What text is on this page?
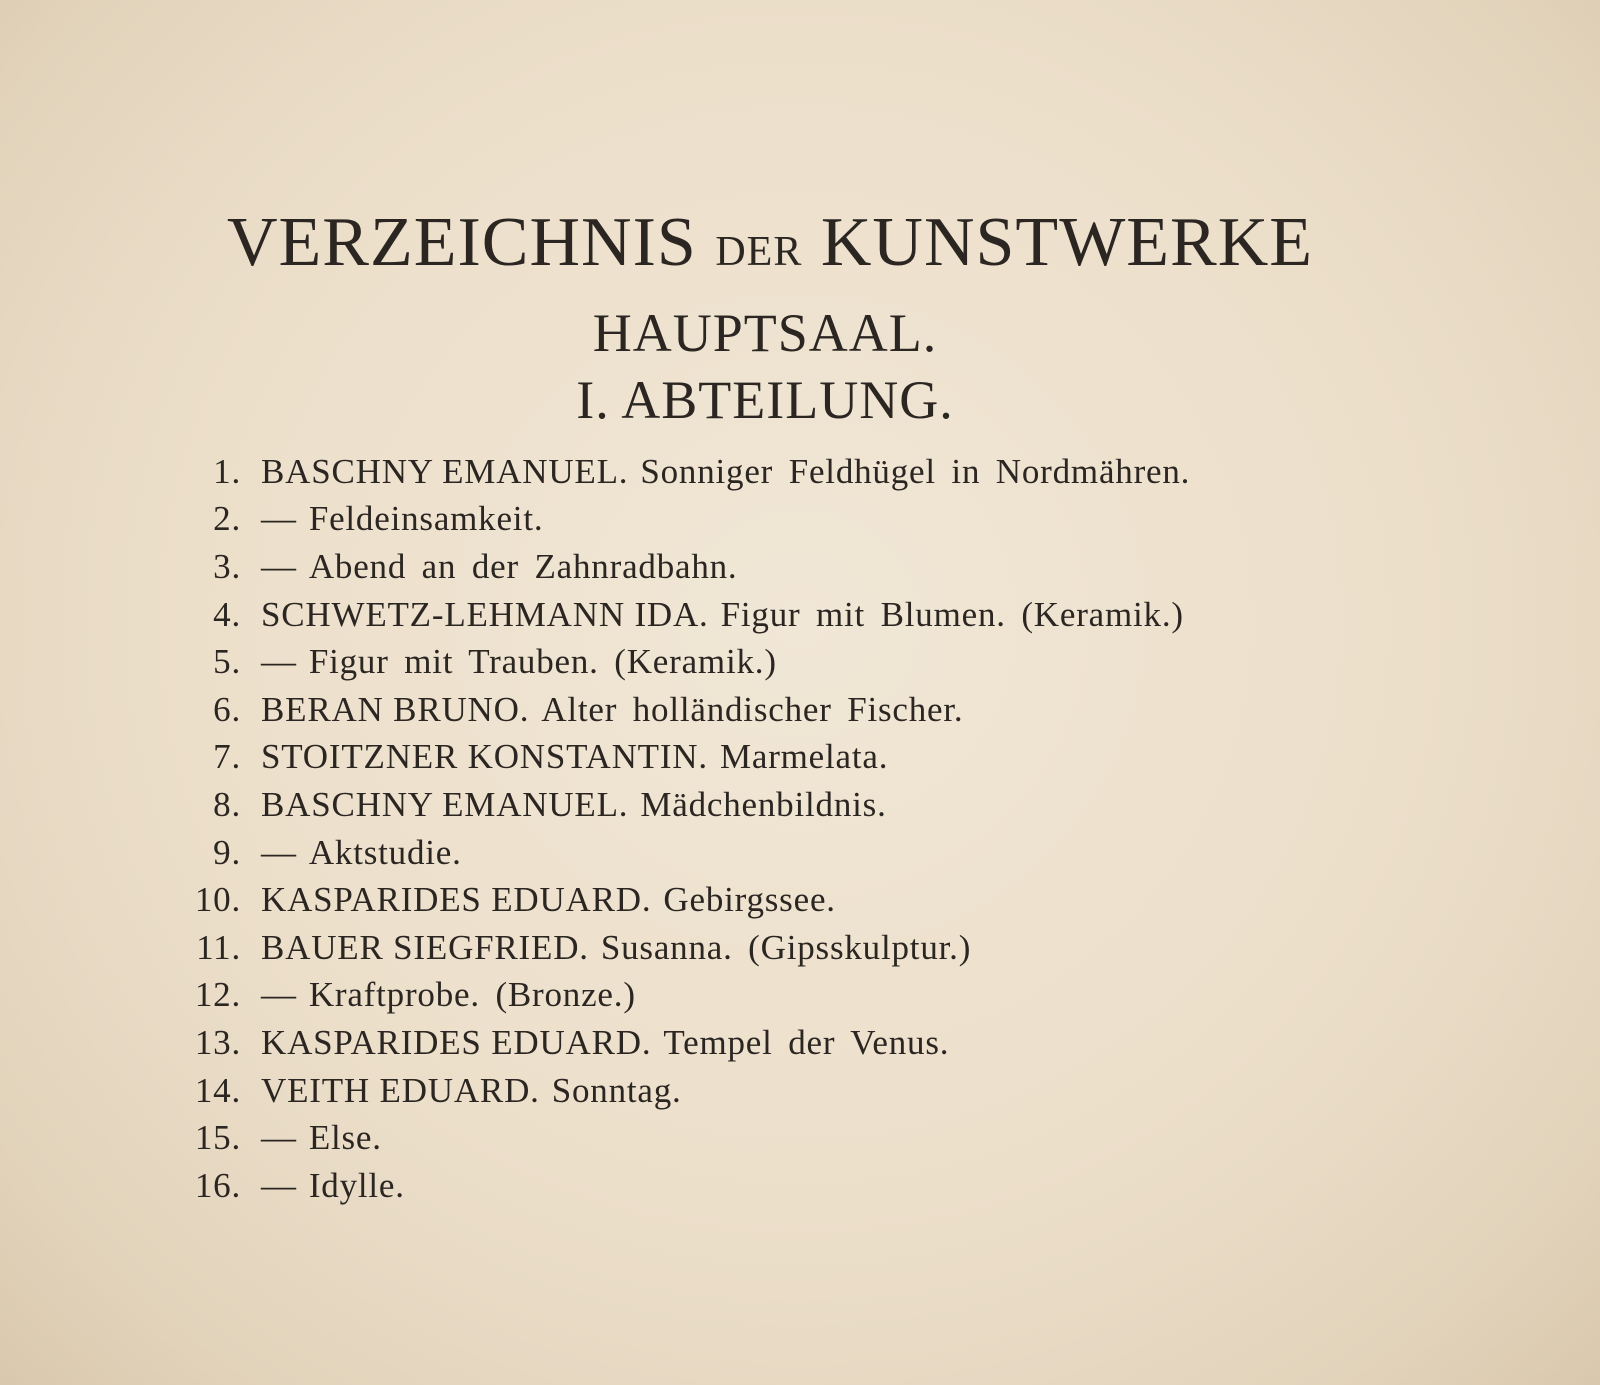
VERZEICHNIS DER KUNSTWERKE
HAUPTSAAL.
I. ABTEILUNG.
1. BASCHNY EMANUEL. Sonniger Feldhügel in Nordmähren.
2. — Feldeinsamkeit.
3. — Abend an der Zahnradbahn.
4. SCHWETZ-LEHMANN IDA. Figur mit Blumen. (Keramik.)
5. — Figur mit Trauben. (Keramik.)
6. BERAN BRUNO. Alter holländischer Fischer.
7. STOITZNER KONSTANTIN. Marmelata.
8. BASCHNY EMANUEL. Mädchenbildnis.
9. — Aktstudie.
10. KASPARIDES EDUARD. Gebirgssee.
11. BAUER SIEGFRIED. Susanna. (Gipsskulptur.)
12. — Kraftprobe. (Bronze.)
13. KASPARIDES EDUARD. Tempel der Venus.
14. VEITH EDUARD. Sonntag.
15. — Else.
16. — Idylle.
